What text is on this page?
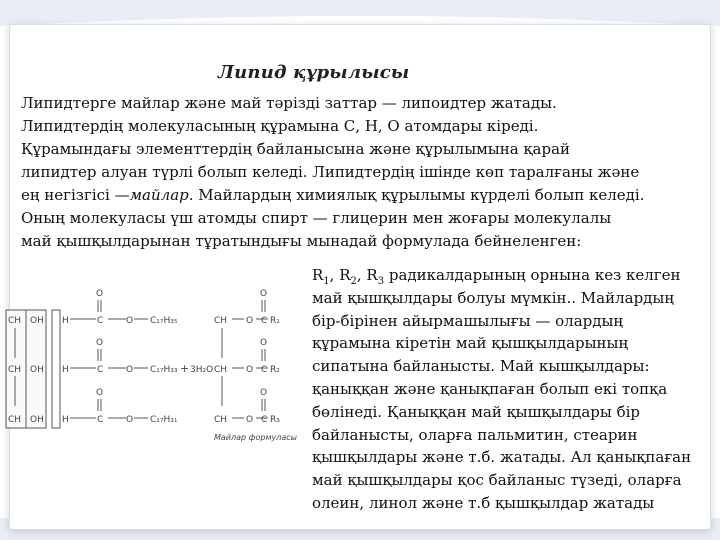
Липид құрылысы
Липидтерге майлар және май тәрізді заттар — липоидтер жатады.
Липидтердің молекуласының құрамына С, Н, О атомдары кіреді.
Құрамындағы элементтердің байланысына және құрылымына қарай
липидтер алуан түрлі болып келеді. Липидтердің ішінде көп таралғаны және
ең негізгісі —майлар. Майлардың химиялық құрылымы күрделі болып келеді.
Оның молекуласы үш атомды спирт — глицерин мен жоғары молекулалы
май қышқылдарынан тұратындығы мынадай формулада бейнеленген:
CH
CH
CH
OH
OH
OH
H
H
H
O
O
O
C
C
C
O
O
O
C₁₇H₃₅
C₁₇H₃₃
C₁₇H₃₁
+ 3H₂O
CH
CH
CH
O
O
O
O
O
O
C
C
C
R₁
R₂
R₃
Майлар формуласы
$R_1$, $R_2$, $R_3$ радикалдарының орнына кез келген
май қышқылдары болуы мүмкін.. Майлардың
бір-бірінен айырмашылығы — олардың
құрамына кіретін май қышқылдарының
сипатына байланысты. Май кышқылдары:
қаныққан және қанықпаған болып екі топқа
бөлінеді. Қаныққан май қышқылдары бір
байланысты, оларға пальмитин, стеарин
қышқылдары және т.б. жатады. Ал қанықпаған
май қышқылдары қос байланыс түзеді, оларға
олеин, линол және т.б қышқылдар жатады
